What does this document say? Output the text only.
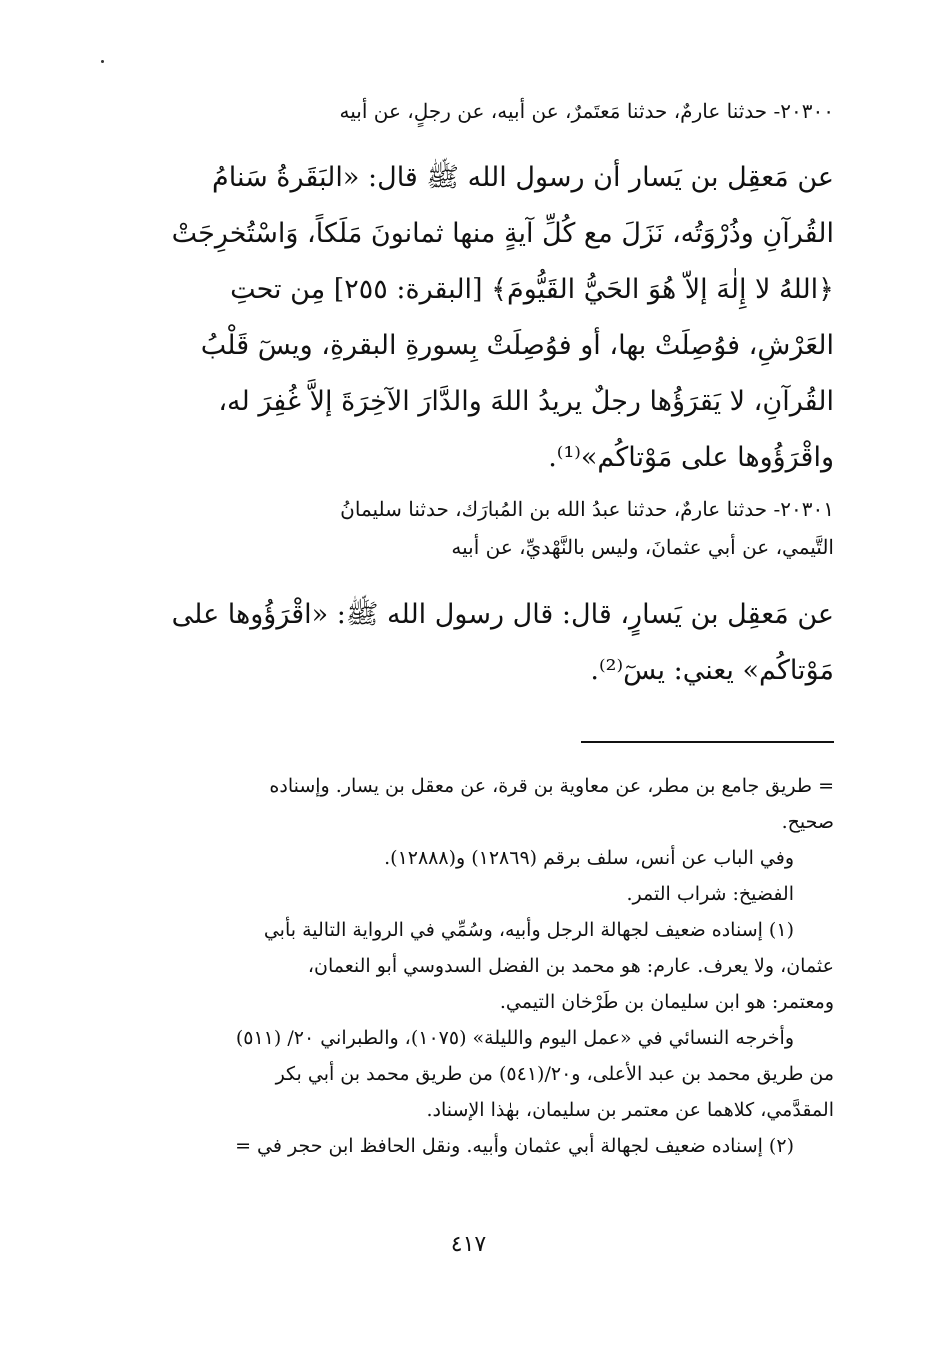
٢٠٣٠٠- حدثنا عارمٌ، حدثنا مَعتَمرٌ، عن أبيه، عن رجلٍ، عن أبيه
عن مَعقِل بن يَسار أن رسول الله ﷺ قال: «البَقَرةُ سَنامُ
القُرآنِ وذُرْوَتُه، نَزَلَ مع كُلِّ آيةٍ منها ثمانونَ مَلَكاً، وَاسْتُخرِجَتْ
﴿اللهُ لا إِلٰهَ إلاّ هُوَ الحَيُّ القَيُّومَ﴾ [البقرة: ٢٥٥] مِن تحتِ
العَرْشِ، فوُصِلَتْ بها، أو فوُصِلَتْ بِسورةِ البقرةِ، ويسٓ قَلْبُ
القُرآنِ، لا يَقرَؤُها رجلٌ يريدُ اللهَ والدَّارَ الآخِرَةَ إلاَّ غُفِرَ له،
واقْرَؤُوها على مَوْتاكُم»⁽¹⁾.
٢٠٣٠١- حدثنا عارمٌ، حدثنا عبدُ الله بن المُبارَك، حدثنا سليمانُ
التَّيمي، عن أبي عثمانَ، وليس بالنَّهْديِّ، عن أبيه
عن مَعقِل بن يَسارٍ، قال: قال رسول الله ﷺ: «اقْرَؤُوها على
مَوْتاكُم» يعني: يسٓ⁽²⁾.
= طريق جامع بن مطر، عن معاوية بن قرة، عن معقل بن يسار. وإسناده
صحيح.
وفي الباب عن أنس، سلف برقم (١٢٨٦٩) و(١٢٨٨٨).
الفضيخ: شراب التمر.
(١) إسناده ضعيف لجهالة الرجل وأبيه، وسُمِّي في الرواية التالية بأبي
عثمان، ولا يعرف. عارم: هو محمد بن الفضل السدوسي أبو النعمان،
ومعتمر: هو ابن سليمان بن طَرْخان التيمي.
وأخرجه النسائي في «عمل اليوم والليلة» (١٠٧٥)، والطبراني ٢٠/ (٥١١)
من طريق محمد بن عبد الأعلى، و٢٠/(٥٤١) من طريق محمد بن أبي بكر
المقدَّمي، كلاهما عن معتمر بن سليمان، بهٰذا الإسناد.
(٢) إسناده ضعيف لجهالة أبي عثمان وأبيه. ونقل الحافظ ابن حجر في =
٤١٧
